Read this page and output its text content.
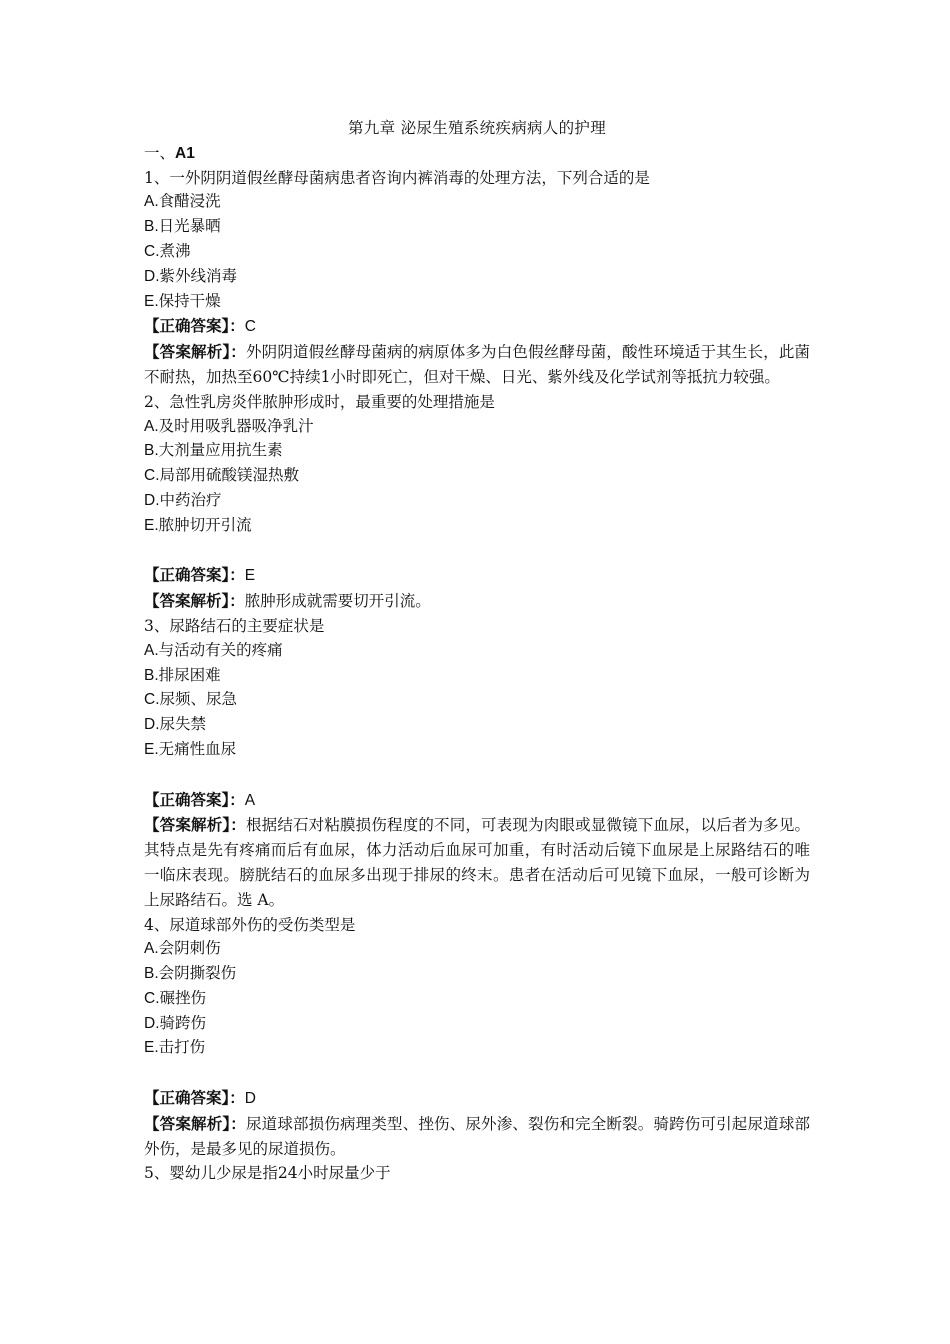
第九章 泌尿生殖系统疾病病人的护理
一、A1
1、一外阴阴道假丝酵母菌病患者咨询内裤消毒的处理方法，下列合适的是
A.食醋浸洗
B.日光暴晒
C.煮沸
D.紫外线消毒
E.保持干燥
【正确答案】：C
【答案解析】：外阴阴道假丝酵母菌病的病原体多为白色假丝酵母菌，酸性环境适于其生长，此菌不耐热，加热至60℃持续1小时即死亡，但对干燥、日光、紫外线及化学试剂等抵抗力较强。
2、急性乳房炎伴脓肿形成时，最重要的处理措施是
A.及时用吸乳器吸净乳汁
B.大剂量应用抗生素
C.局部用硫酸镁湿热敷
D.中药治疗
E.脓肿切开引流
【正确答案】：E
【答案解析】：脓肿形成就需要切开引流。
3、尿路结石的主要症状是
A.与活动有关的疼痛
B.排尿困难
C.尿频、尿急
D.尿失禁
E.无痛性血尿
【正确答案】：A
【答案解析】：根据结石对粘膜损伤程度的不同，可表现为肉眼或显微镜下血尿，以后者为多见。其特点是先有疼痛而后有血尿，体力活动后血尿可加重，有时活动后镜下血尿是上尿路结石的唯一临床表现。膀胱结石的血尿多出现于排尿的终末。患者在活动后可见镜下血尿，一般可诊断为上尿路结石。选 A。
4、尿道球部外伤的受伤类型是
A.会阴刺伤
B.会阴撕裂伤
C.碾挫伤
D.骑跨伤
E.击打伤
【正确答案】：D
【答案解析】：尿道球部损伤病理类型、挫伤、尿外渗、裂伤和完全断裂。骑跨伤可引起尿道球部外伤，是最多见的尿道损伤。
5、婴幼儿少尿是指24小时尿量少于
